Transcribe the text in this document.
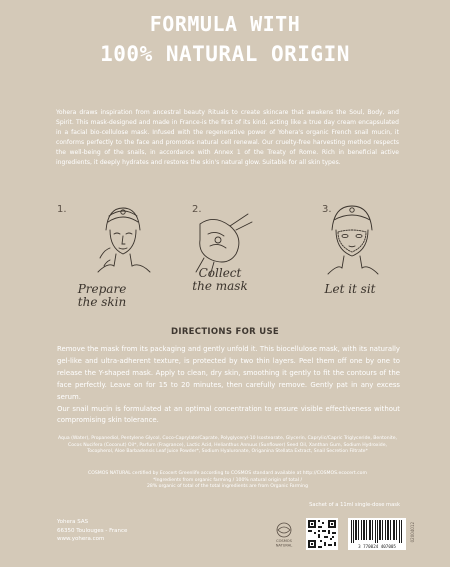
FORMULA WITH
100% NATURAL ORIGIN

Yohera draws inspiration from ancestral beauty Rituals to create skincare that awakens the Soul, Body, and Spirit. This mask-designed and made in France-is the first of its kind, acting like a true day cream encapsulated in a facial bio-cellulose mask. Infused with the regenerative power of Yohera's organic French snail mucin, it conforms perfectly to the face and promotes natural cell renewal. Our cruelty-free harvesting method respects the well-being of the snails, in accordance with Annex 1 of the Treaty of Rome. Rich in beneficial active ingredients, it deeply hydrates and restores the skin's natural glow. Suitable for all skin types.

1.
Prepare
the skin
2.
Collect
the mask
3.
Let it sit
DIRECTIONS FOR USE

Remove the mask from its packaging and gently unfold it. This biocellulose mask, with its naturally gel-like and ultra-adherent texture, is protected by two thin layers. Peel them off one by one to release the Y-shaped mask. Apply to clean, dry skin, smoothing it gently to fit the contours of the face perfectly. Leave on for 15 to 20 minutes, then carefully remove. Gently pat in any excess serum.

Our snail mucin is formulated at an optimal concentration to ensure visible effectiveness without compromising skin tolerance.

Aqua (Water), Propanediol, Pentylene Glycol, Coco-Caprylate/Caprate, Polyglyceryl-10 Isostearate, Glycerin, Caprylic/Capric Triglyceride, Bentonite, Cocos Nucifera (Coconut) Oil*, Parfum (Fragrance), Lactic Acid, Helianthus Annuus (Sunflower) Seed Oil, Xanthan Gum, Sodium Hydroxide, Tocopherol, Aloe Barbadensis Leaf Juice Powder*, Sodium Hyaluronate, Origanina Stellata Extract, Snail Secretion Filtrate*

COSMOS NATURAL certified by Ecocert Greenlife according to COSMOS standard available at http://COSMOS.ecocert.com
*Ingredients from organic farming / 100% natural origin of total /
28% organic of total of the total ingredients are from Organic Farming
Sachet of a 11ml single-dose mask
Yohera SAS
66350 Toulouges - France
www.yohera.com	COSMOS
NATURAL	3 770024 407005
02004012
